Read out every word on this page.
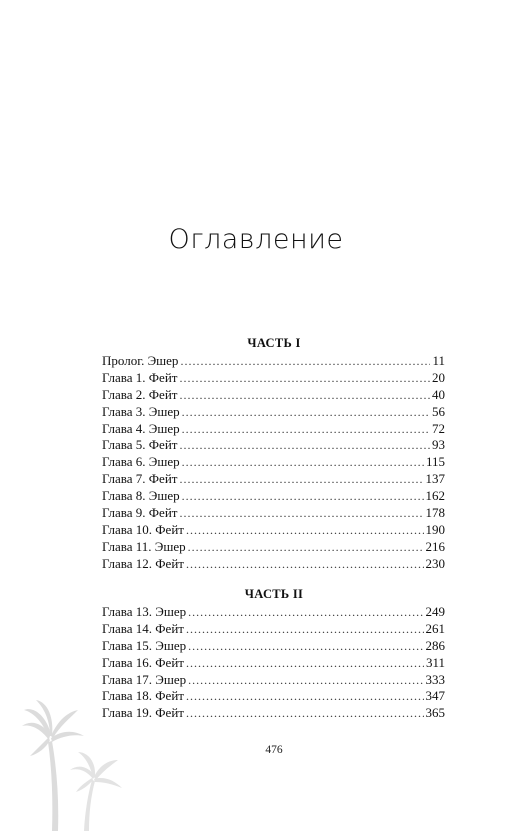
Оглавление
ЧАСТЬ I
Пролог. Эшер . . .	11
Глава 1. Фейт . . .	20
Глава 2. Фейт . . .	40
Глава 3. Эшер . . .	56
Глава 4. Эшер . . .	72
Глава 5. Фейт . . .	93
Глава 6. Эшер . . .	115
Глава 7. Фейт . . .	137
Глава 8. Эшер . . .	162
Глава 9. Фейт . . .	178
Глава 10. Фейт . . .	190
Глава 11. Эшер . . .	216
Глава 12. Фейт . . .	230
ЧАСТЬ II
Глава 13. Эшер . . .	249
Глава 14. Фейт . . .	261
Глава 15. Эшер . . .	286
Глава 16. Фейт . . .	311
Глава 17. Эшер . . .	333
Глава 18. Фейт . . .	347
Глава 19. Фейт . . .	365
476
